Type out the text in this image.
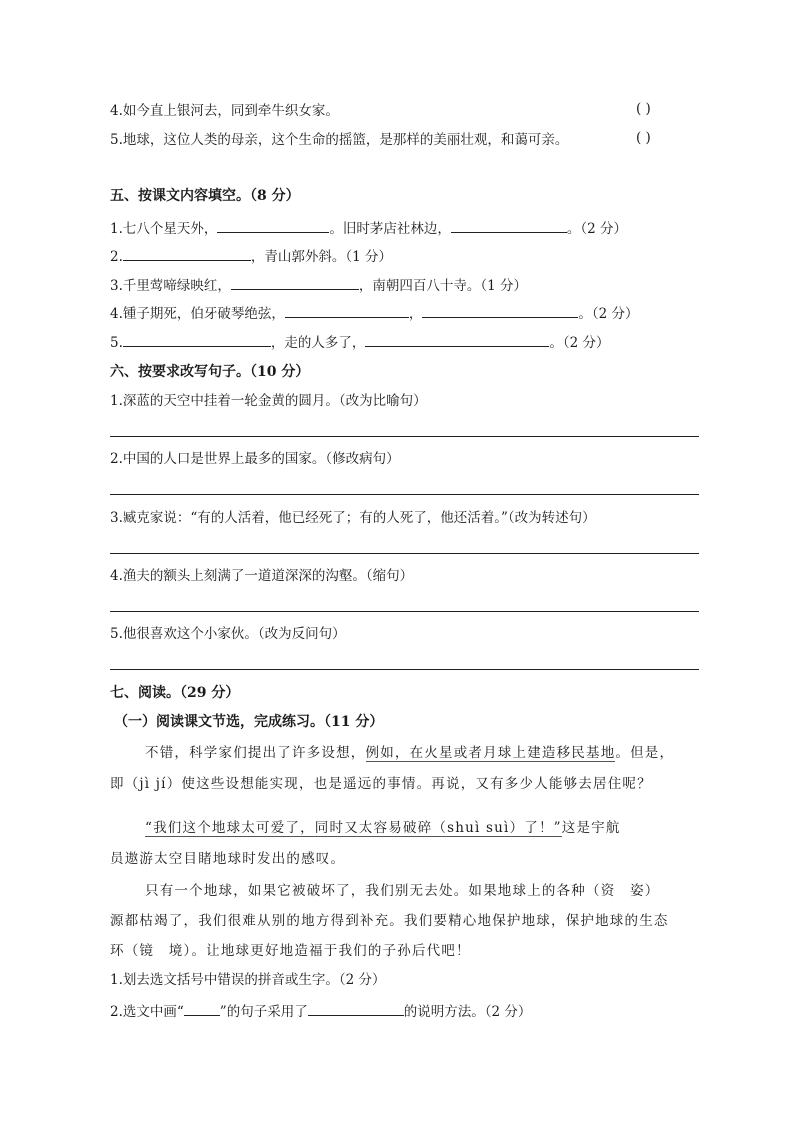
4.如今直上银河去，同到牵牛织女家。	( )
5.地球，这位人类的母亲，这个生命的摇篮，是那样的美丽壮观，和蔼可亲。	( )
五、按课文内容填空。（8 分）
1.七八个星天外，	。旧时茅店社林边，	。（2 分）
2.	，青山郭外斜。（1 分）
3.千里莺啼绿映红，	，南朝四百八十寺。（1 分）
4.锺子期死，伯牙破琴绝弦，	，	。（2 分）
5.	，走的人多了，	。（2 分）
六、按要求改写句子。（10 分）
1.深蓝的天空中挂着一轮金黄的圆月。（改为比喻句）
2.中国的人口是世界上最多的国家。（修改病句）
3.臧克家说：“有的人活着，他已经死了；有的人死了，他还活着。”（改为转述句）
4.渔夫的额头上刻满了一道道深深的沟壑。（缩句）
5.他很喜欢这个小家伙。（改为反问句）
七、阅读。（29 分）
（一）阅读课文节选，完成练习。（11 分）
不错，科学家们提出了许多设想，例如，在火星或者月球上建造移民基地。但是，
即（jì jí）使这些设想能实现，也是遥远的事情。再说，又有多少人能够去居住呢？
“我们这个地球太可爱了，同时又太容易破碎（shuì suì）了！”这是宇航
员遨游太空目睹地球时发出的感叹。
只有一个地球，如果它被破坏了，我们别无去处。如果地球上的各种（资　姿）
源都枯竭了，我们很难从别的地方得到补充。我们要精心地保护地球，保护地球的生态
环（镜　境）。让地球更好地造福于我们的子孙后代吧！
1.划去选文括号中错误的拼音或生字。（2 分）
2.选文中画“	”的句子采用了	的说明方法。（2 分）
